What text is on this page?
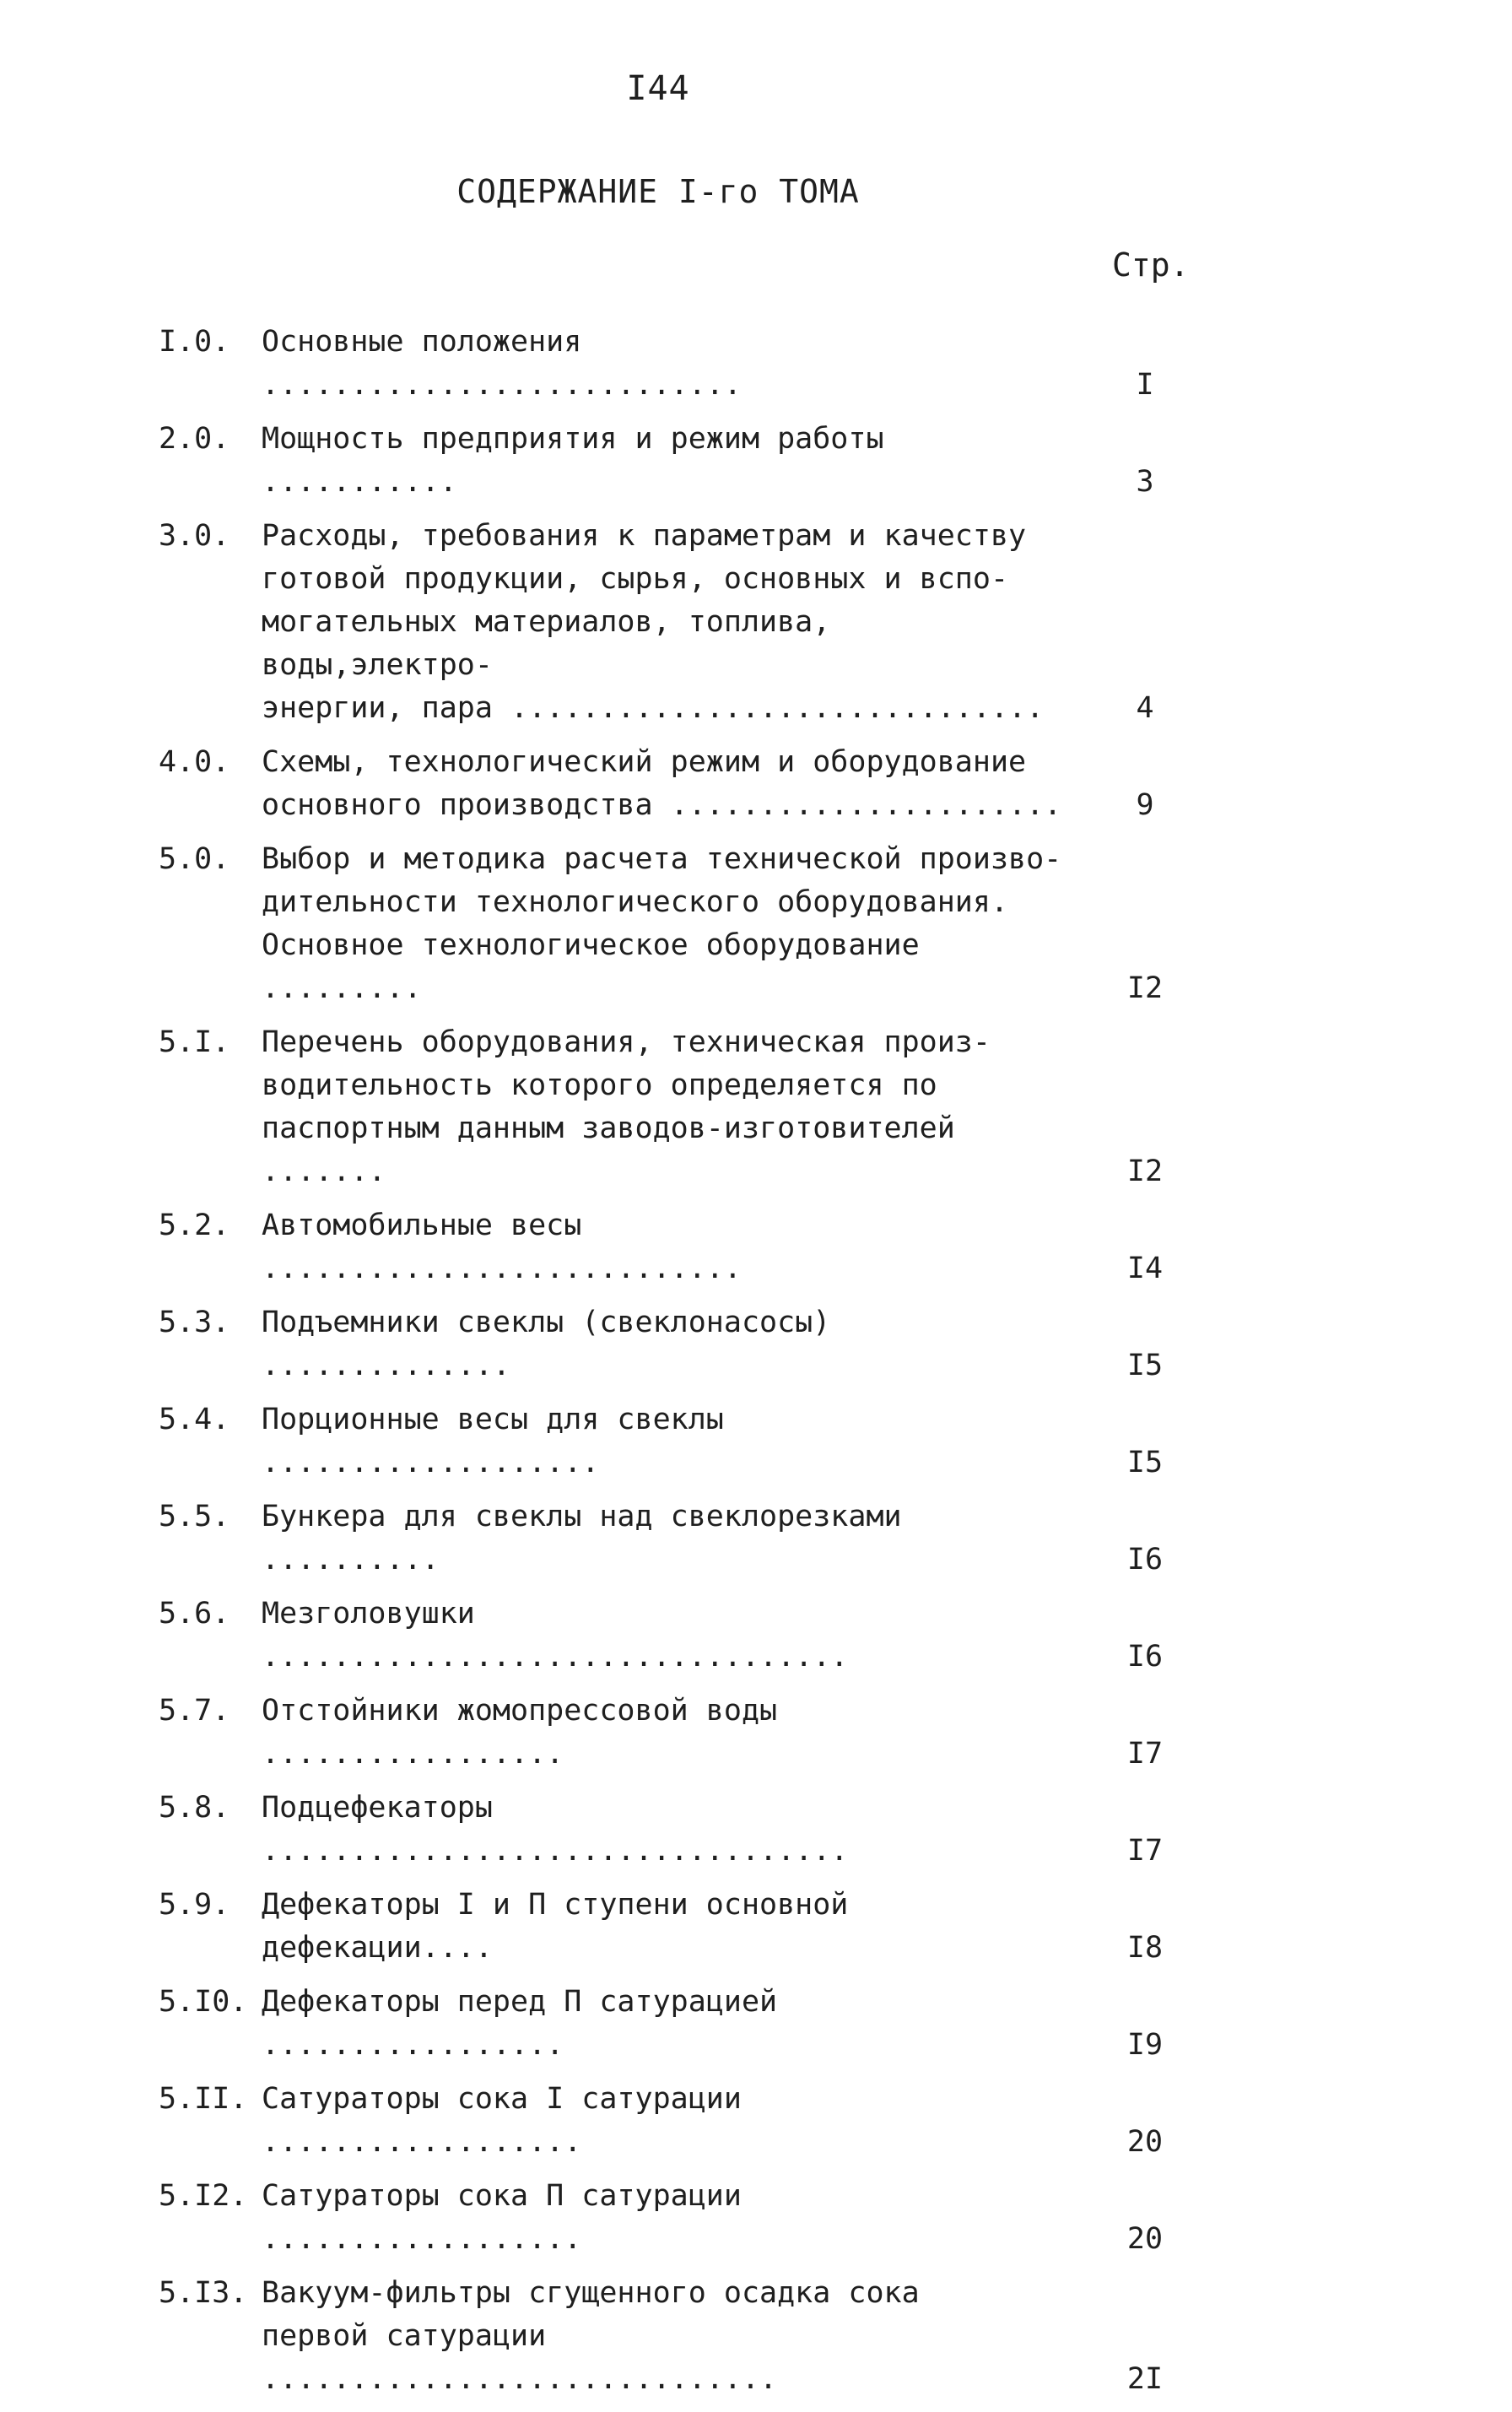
I44
СОДЕРЖАНИЕ I-го ТОМА
Стр.
I.0.	Основные положения ...........................	I
2.0.	Мощность предприятия и режим работы ...........	3
3.0.	Расходы, требования к параметрам и качеству
готовой продукции, сырья, основных и вспо-
могательных материалов, топлива, воды,электро-
энергии, пара ..............................	4
4.0.	Схемы, технологический режим и оборудование
основного производства ......................	9
5.0.	Выбор и методика расчета технической произво-
дительности технологического оборудования.
Основное технологическое оборудование .........	I2
5.I.	Перечень оборудования, техническая произ-
водительность которого определяется по
паспортным данным заводов-изготовителей .......	I2
5.2.	Автомобильные весы ...........................	I4
5.3.	Подъемники свеклы (свеклонасосы) ..............	I5
5.4.	Порционные весы для свеклы ...................	I5
5.5.	Бункера для свеклы над свеклорезками ..........	I6
5.6.	Мезголовушки .................................	I6
5.7.	Отстойники жомопрессовой воды .................	I7
5.8.	Подцефекаторы .................................	I7
5.9.	Дефекаторы I и П ступени основной дефекации....	I8
5.I0. Дефекаторы перед П сатурацией .................	I9
5.II. Сатураторы сока I сатурации ..................	20
5.I2. Сатураторы сока П сатурации ..................	20
5.I3. Вакуум-фильтры сгущенного осадка сока
первой сатурации .............................	2I
